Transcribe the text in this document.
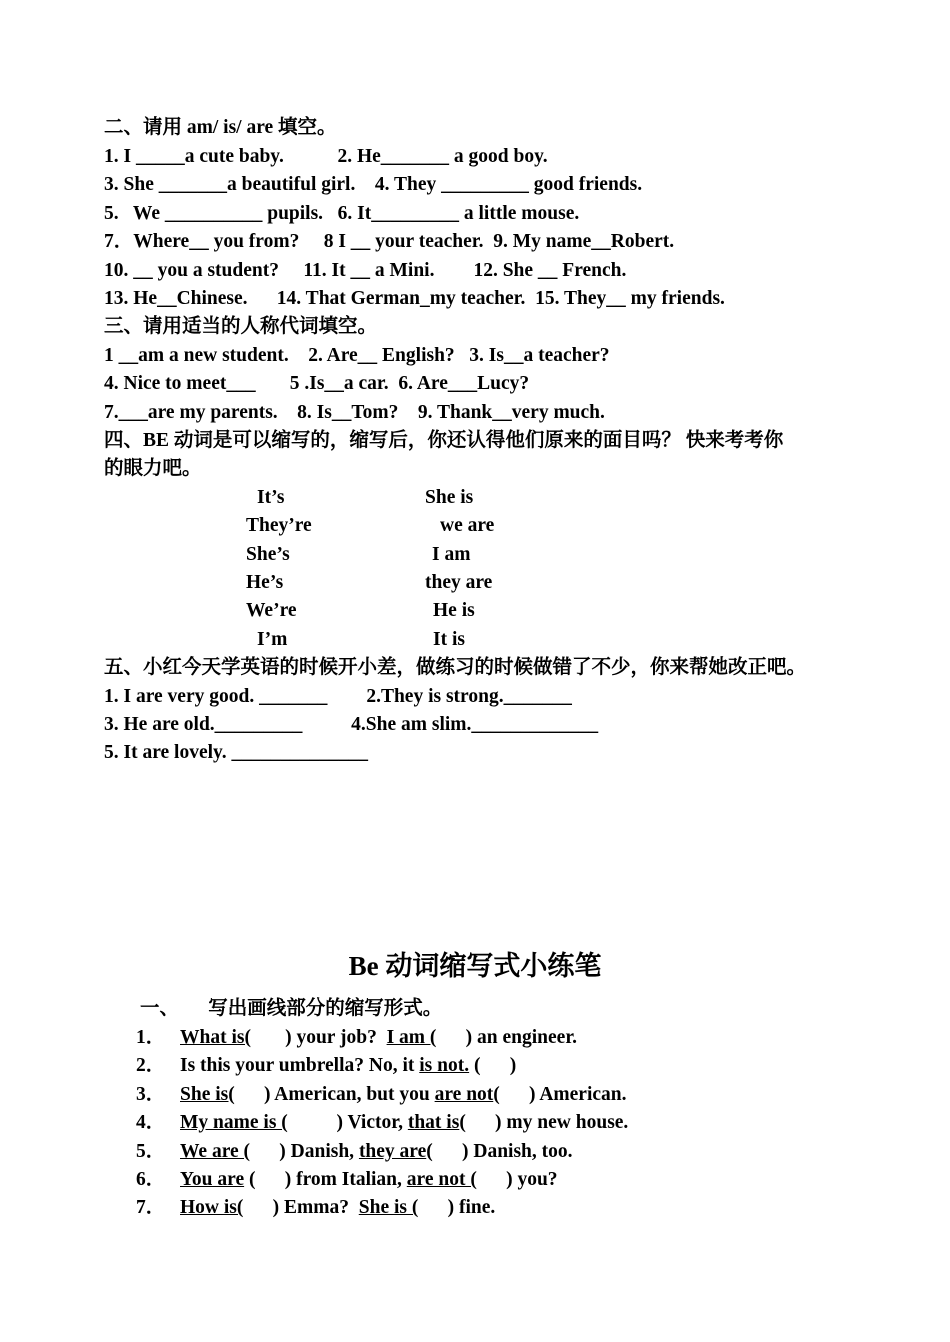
二、请用 am/ is/ are 填空。
1. I _____a cute baby.           2. He_______ a good boy.
3. She _______a beautiful girl.    4. They _________ good friends.
5.   We __________ pupils.   6. It_________ a little mouse.
7．Where__ you from?     8 I __ your teacher.  9. My name__Robert.
10. __ you a student?     11. It __ a Mini.        12. She __ French.
13. He__Chinese.      14. That German_my teacher.  15. They__ my friends.
三、请用适当的人称代词填空。
1 __am a new student.    2. Are__ English?   3. Is__a teacher?
4. Nice to meet___       5 .Is__a car.  6. Are___Lucy?
7.___are my parents.    8. Is__Tom?    9. Thank__very much.
四、BE 动词是可以缩写的，缩写后，你还认得他们原来的面目吗？ 快来考考你
的眼力吧。
It’s	She is
They’re	we are
She’s	I am
He’s	they are
We’re	He is
I’m	It is
五、小红今天学英语的时候开小差，做练习的时候做错了不少，你来帮她改正吧。
1. I are very good. _______        2.They is strong._______
3. He are old._________          4.She am slim._____________
5. It are lovely. ______________
Be 动词缩写式小练笔
一、      写出画线部分的缩写形式。
1． What is(       ) your job?  I am (      ) an engineer.
2． Is this your umbrella? No, it is not. (      )
3． She is(      ) American, but you are not(      ) American.
4． My name is (          ) Victor, that is(      ) my new house.
5． We are (      ) Danish, they are(      ) Danish, too.
6． You are (      ) from Italian, are not (      ) you?
7． How is(      ) Emma?  She is (      ) fine.
